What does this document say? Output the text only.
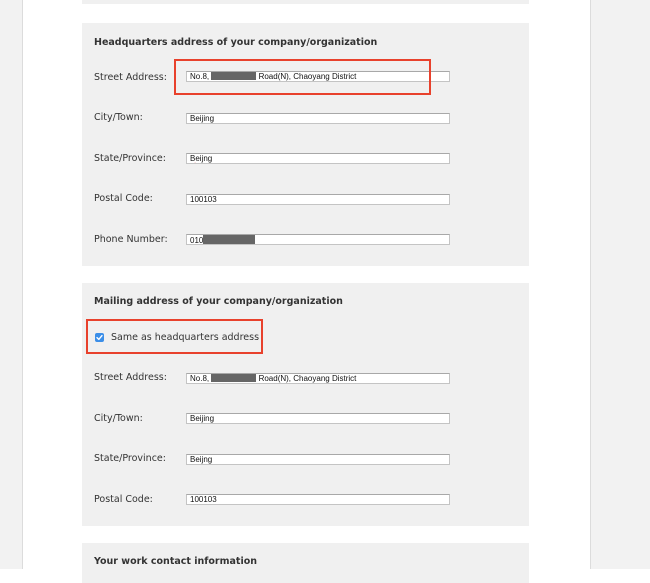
Headquarters address of your company/organization
Street Address:	No.8,	Road(N), Chaoyang District
City/Town:	Beijing
State/Province:	Beijng
Postal Code:	100103
Phone Number:	010
Mailing address of your company/organization
Same as headquarters address
Street Address:	No.8,	Road(N), Chaoyang District
City/Town:	Beijing
State/Province:	Beijng
Postal Code:	100103
Your work contact information
